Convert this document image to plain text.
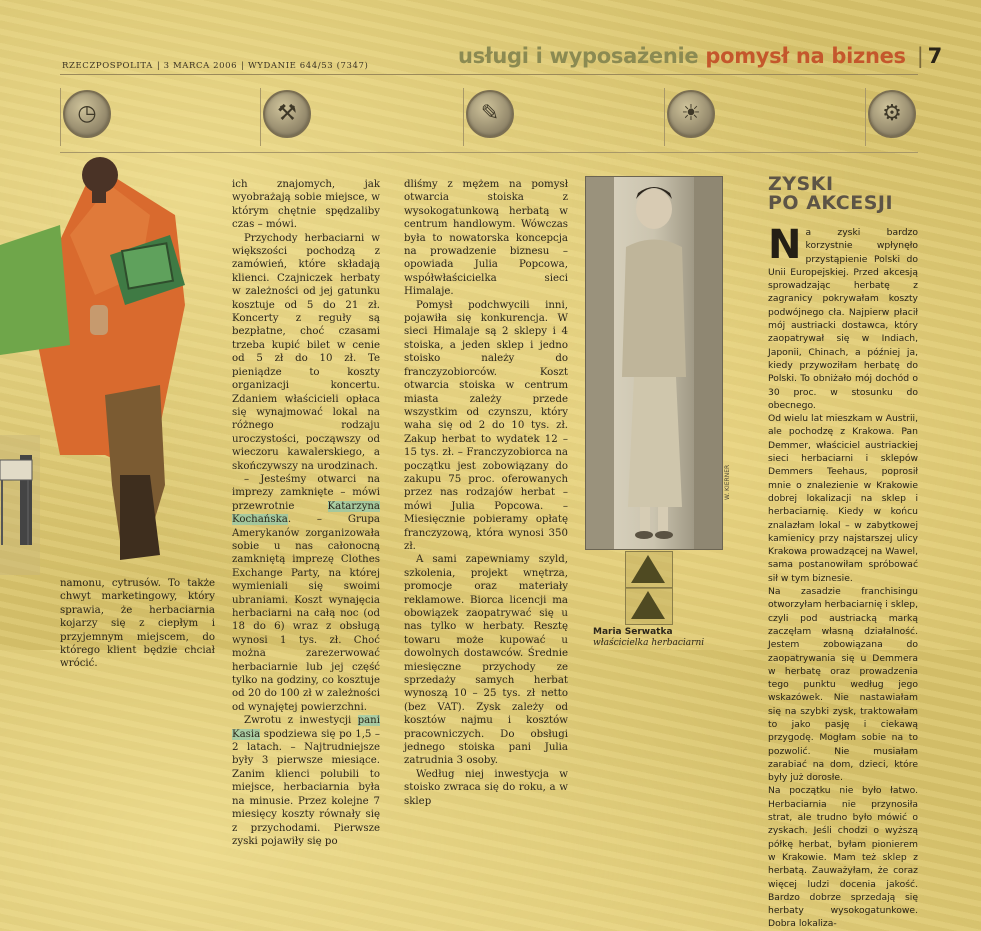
RZECZPOSPOLITA | 3 MARCA 2006 | WYDANIE 644/53 (7347)	usługi i wyposażenie pomysł na biznes | 7
◷	⚒	✎	☀	⚙

namonu, cytrusów. To także chwyt marketingowy, który sprawia, że herbaciarnia kojarzy się z ciepłym i przyjemnym miejscem, do którego klient będzie chciał wrócić.

ich znajomych, jak wyobrażają sobie miejsce, w którym chętnie spędzaliby czas – mówi.

Przychody herbaciarni w większości pochodzą z zamówień, które składają klienci. Czajniczek herbaty w zależności od jej gatunku kosztuje od 5 do 21 zł. Koncerty z reguły są bezpłatne, choć czasami trzeba kupić bilet w cenie od 5 zł do 10 zł. Te pieniądze to koszty organizacji koncertu. Zdaniem właścicieli opłaca się wynajmować lokal na różnego rodzaju uroczystości, począwszy od wieczoru kawalerskiego, a skończywszy na urodzinach.

– Jesteśmy otwarci na imprezy zamknięte – mówi przewrotnie Katarzyna Kochańska. – Grupa Amerykanów zorganizowała sobie u nas całonocną zamkniętą imprezę Clothes Exchange Party, na której wymieniali się swoimi ubraniami. Koszt wynajęcia herbaciarni na całą noc (od 18 do 6) wraz z obsługą wynosi 1 tys. zł. Choć można zarezerwować herbaciarnie lub jej część tylko na godziny, co kosztuje od 20 do 100 zł w zależności od wynajętej powierzchni.

Zwrotu z inwestycji pani Kasia spodziewa się po 1,5 – 2 latach. – Najtrudniejsze były 3 pierwsze miesiące. Zanim klienci polubili to miejsce, herbaciarnia była na minusie. Przez kolejne 7 miesięcy koszty równały się z przychodami. Pierwsze zyski pojawiły się po

dliśmy z mężem na pomysł otwarcia stoiska z wysokogatunkową herbatą w centrum handlowym. Wówczas była to nowatorska koncepcja na prowadzenie biznesu – opowiada Julia Popcowa, współwłaścicielka sieci Himalaje.

Pomysł podchwycili inni, pojawiła się konkurencja. W sieci Himalaje są 2 sklepy i 4 stoiska, a jeden sklep i jedno stoisko należy do franczyzobiorców. Koszt otwarcia stoiska w centrum miasta zależy przede wszystkim od czynszu, który waha się od 2 do 10 tys. zł. Zakup herbat to wydatek 12 – 15 tys. zł. – Franczyzobiorca na początku jest zobowiązany do zakupu 75 proc. oferowanych przez nas rodzajów herbat – mówi Julia Popcowa. – Miesięcznie pobieramy opłatę franczyzową, która wynosi 350 zł.

A sami zapewniamy szyld, szkolenia, projekt wnętrza, promocje oraz materiały reklamowe. Biorca licencji ma obowiązek zaopatrywać się u nas tylko w herbaty. Resztę towaru może kupować u dowolnych dostawców. Średnie miesięczne przychody ze sprzedaży samych herbat wynoszą 10 – 25 tys. zł netto (bez VAT). Zysk zależy od kosztów najmu i kosztów pracowniczych. Do obsługi jednego stoiska pani Julia zatrudnia 3 osoby.

Według niej inwestycja w stoisko zwraca się do roku, a w sklep

W. KIERNER
Maria Serwatka
właścicielka herbaciarni
ZYSKI
PO AKCESJI

Na zyski bardzo korzystnie wpłynęło przystąpienie Polski do Unii Europejskiej. Przed akcesją sprowadzając herbatę z zagranicy pokrywałam koszty podwójnego cła. Najpierw płacił mój austriacki dostawca, który zaopatrywał się w Indiach, Japonii, Chinach, a później ja, kiedy przywoziłam herbatę do Polski. To obniżało mój dochód o 30 proc. w stosunku do obecnego.

Od wielu lat mieszkam w Austrii, ale pochodzę z Krakowa. Pan Demmer, właściciel austriackiej sieci herbaciarni i sklepów Demmers Teehaus, poprosił mnie o znalezienie w Krakowie dobrej lokalizacji na sklep i herbaciarnię. Kiedy w końcu znalazłam lokal – w zabytkowej kamienicy przy najstarszej ulicy Krakowa prowadzącej na Wawel, sama postanowiłam spróbować sił w tym biznesie.

Na zasadzie franchisingu otworzyłam herbaciarnię i sklep, czyli pod austriacką marką zaczęłam własną działalność. Jestem zobowiązana do zaopatrywania się u Demmera w herbatę oraz prowadzenia tego punktu według jego wskazówek. Nie nastawiałam się na szybki zysk, traktowałam to jako pasję i ciekawą przygodę. Mogłam sobie na to pozwolić. Nie musiałam zarabiać na dom, dzieci, które były już dorosłe.

Na początku nie było łatwo. Herbaciarnia nie przynosiła strat, ale trudno było mówić o zyskach. Jeśli chodzi o wyższą półkę herbat, byłam pionierem w Krakowie. Mam też sklep z herbatą. Zauważyłam, że coraz więcej ludzi docenia jakość. Bardzo dobrze sprzedają się herbaty wysokogatunkowe. Dobra lokaliza-
